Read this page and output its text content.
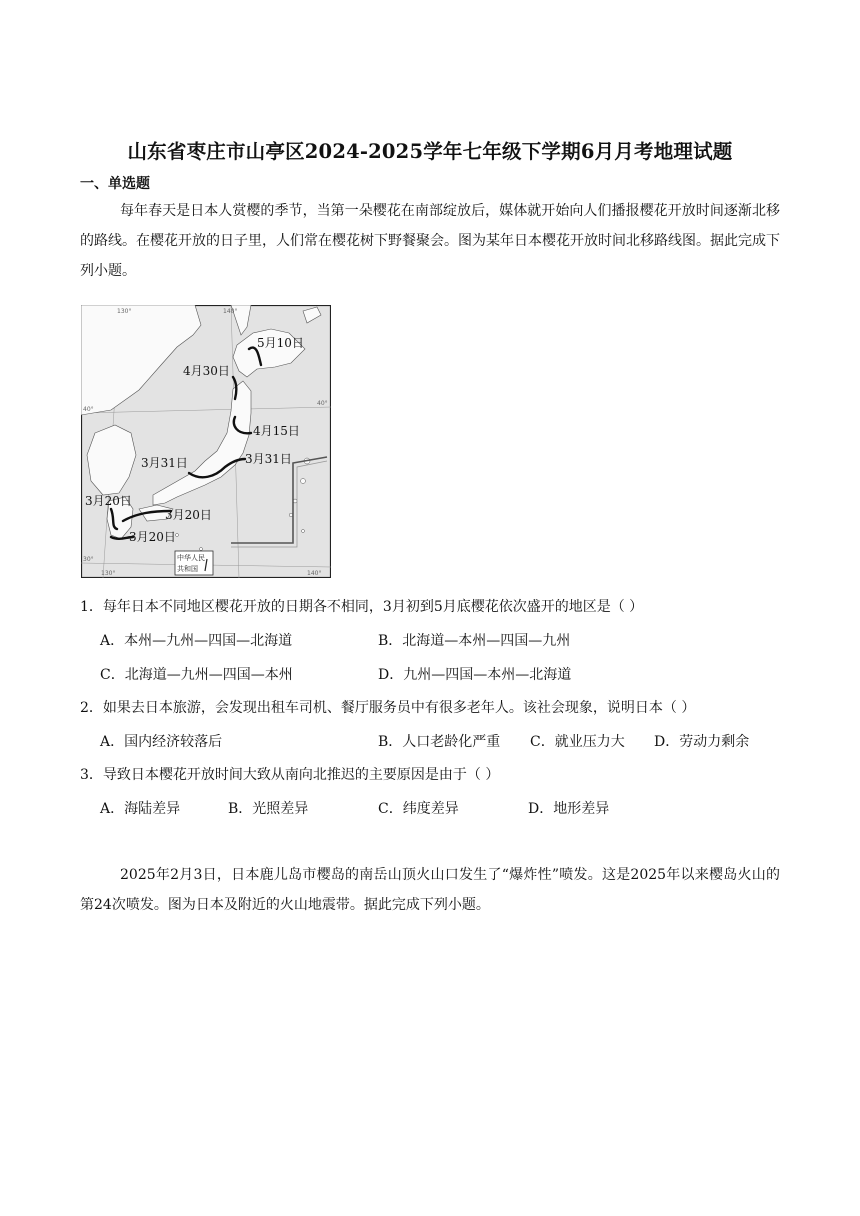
山东省枣庄市山亭区2024-2025学年七年级下学期6月月考地理试题
一、单选题
每年春天是日本人赏樱的季节，当第一朵樱花在南部绽放后，媒体就开始向人们播报樱花开放时间逐渐北移的路线。在樱花开放的日子里，人们常在樱花树下野餐聚会。图为某年日本樱花开放时间北移路线图。据此完成下列小题。
5月10日
4月30日
4月15日
3月31日	3月31日
3月20日
3月20日
3月20日
130°	140°
40°
40°
30°
130°	140°
中华人民
共和国
1．每年日本不同地区樱花开放的日期各不相同，3月初到5月底樱花依次盛开的地区是（ ）
A．本州—九州—四国—北海道	B．北海道—本州—四国—九州
C．北海道—九州—四国—本州	D．九州—四国—本州—北海道
2．如果去日本旅游，会发现出租车司机、餐厅服务员中有很多老年人。该社会现象，说明日本（ ）
A．国内经济较落后	B．人口老龄化严重 C．就业压力大 D．劳动力剩余
3．导致日本樱花开放时间大致从南向北推迟的主要原因是由于（ ）
A．海陆差异	B．光照差异	C．纬度差异	D．地形差异
2025年2月3日，日本鹿儿岛市樱岛的南岳山顶火山口发生了“爆炸性”喷发。这是2025年以来樱岛火山的第24次喷发。图为日本及附近的火山地震带。据此完成下列小题。
